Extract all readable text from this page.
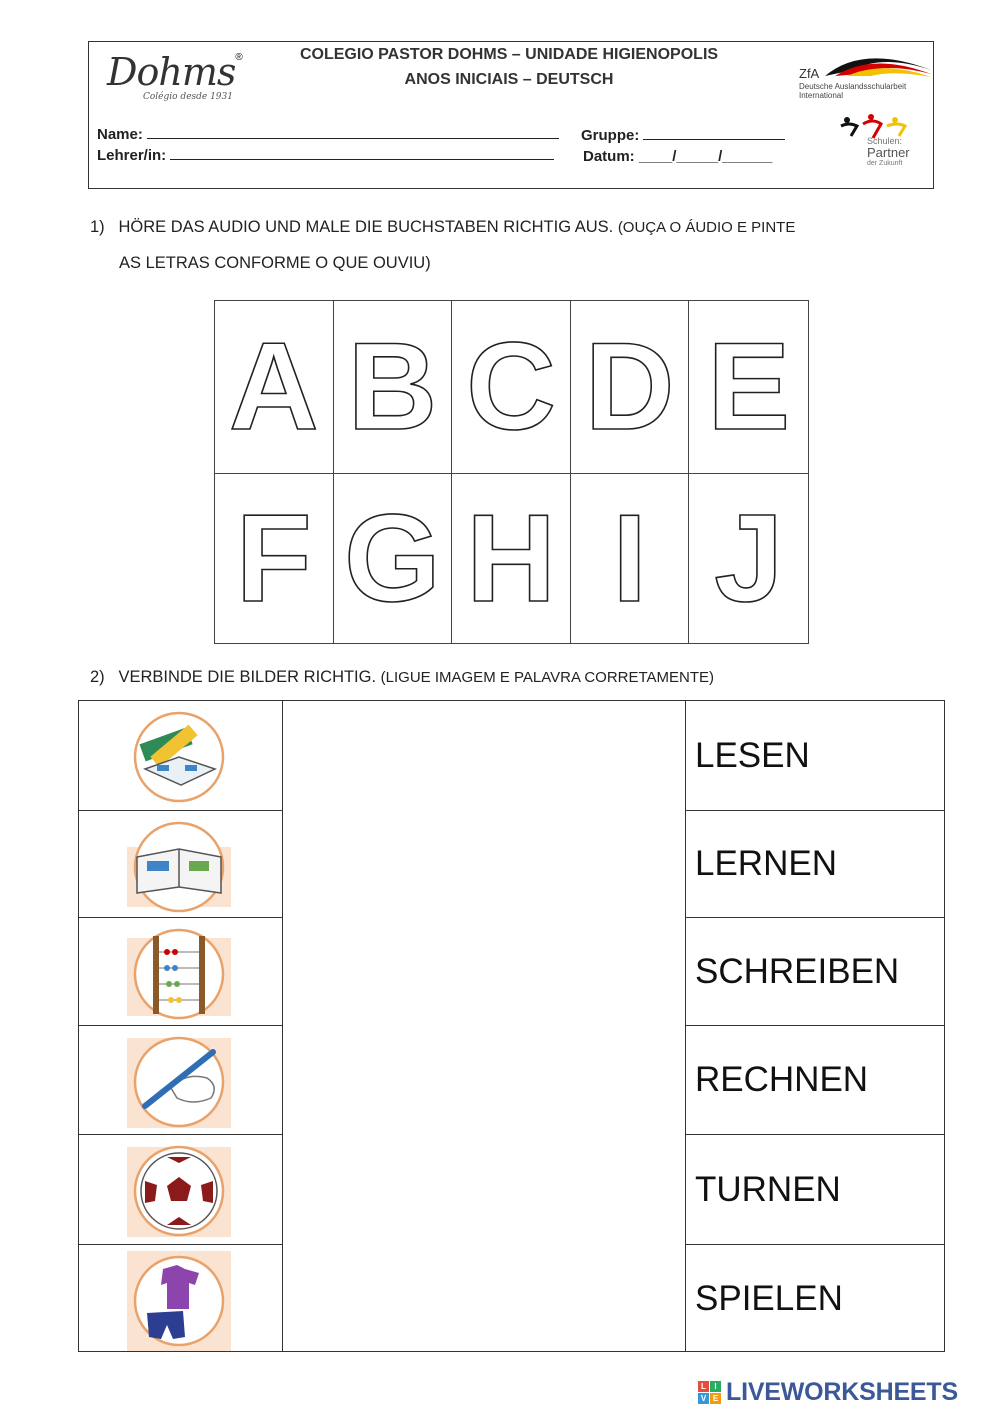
Dohms®
Colégio desde 1931
COLEGIO PASTOR DOHMS – UNIDADE HIGIENOPOLIS
ANOS INICIAIS – DEUTSCH	ZfA
Deutsche Auslandsschularbeit
International
Name:
Lehrer/in:
Gruppe:
Datum: ____/_____/______
Schulen:
Partner
der Zukunft
1) HÖRE DAS AUDIO UND MALE DIE BUCHSTABEN RICHTIG AUS. (OUÇA O ÁUDIO E PINTE
AS LETRAS CONFORME O QUE OUVIU)
A B C D E
F G H I J
2) VERBINDE DIE BILDER RICHTIG. (LIGUE IMAGEM E PALAVRA CORRETAMENTE)
LESEN
LERNEN
SCHREIBEN
RECHNEN
TURNEN
SPIELEN
L	I
V E LIVEWORKSHEETS
